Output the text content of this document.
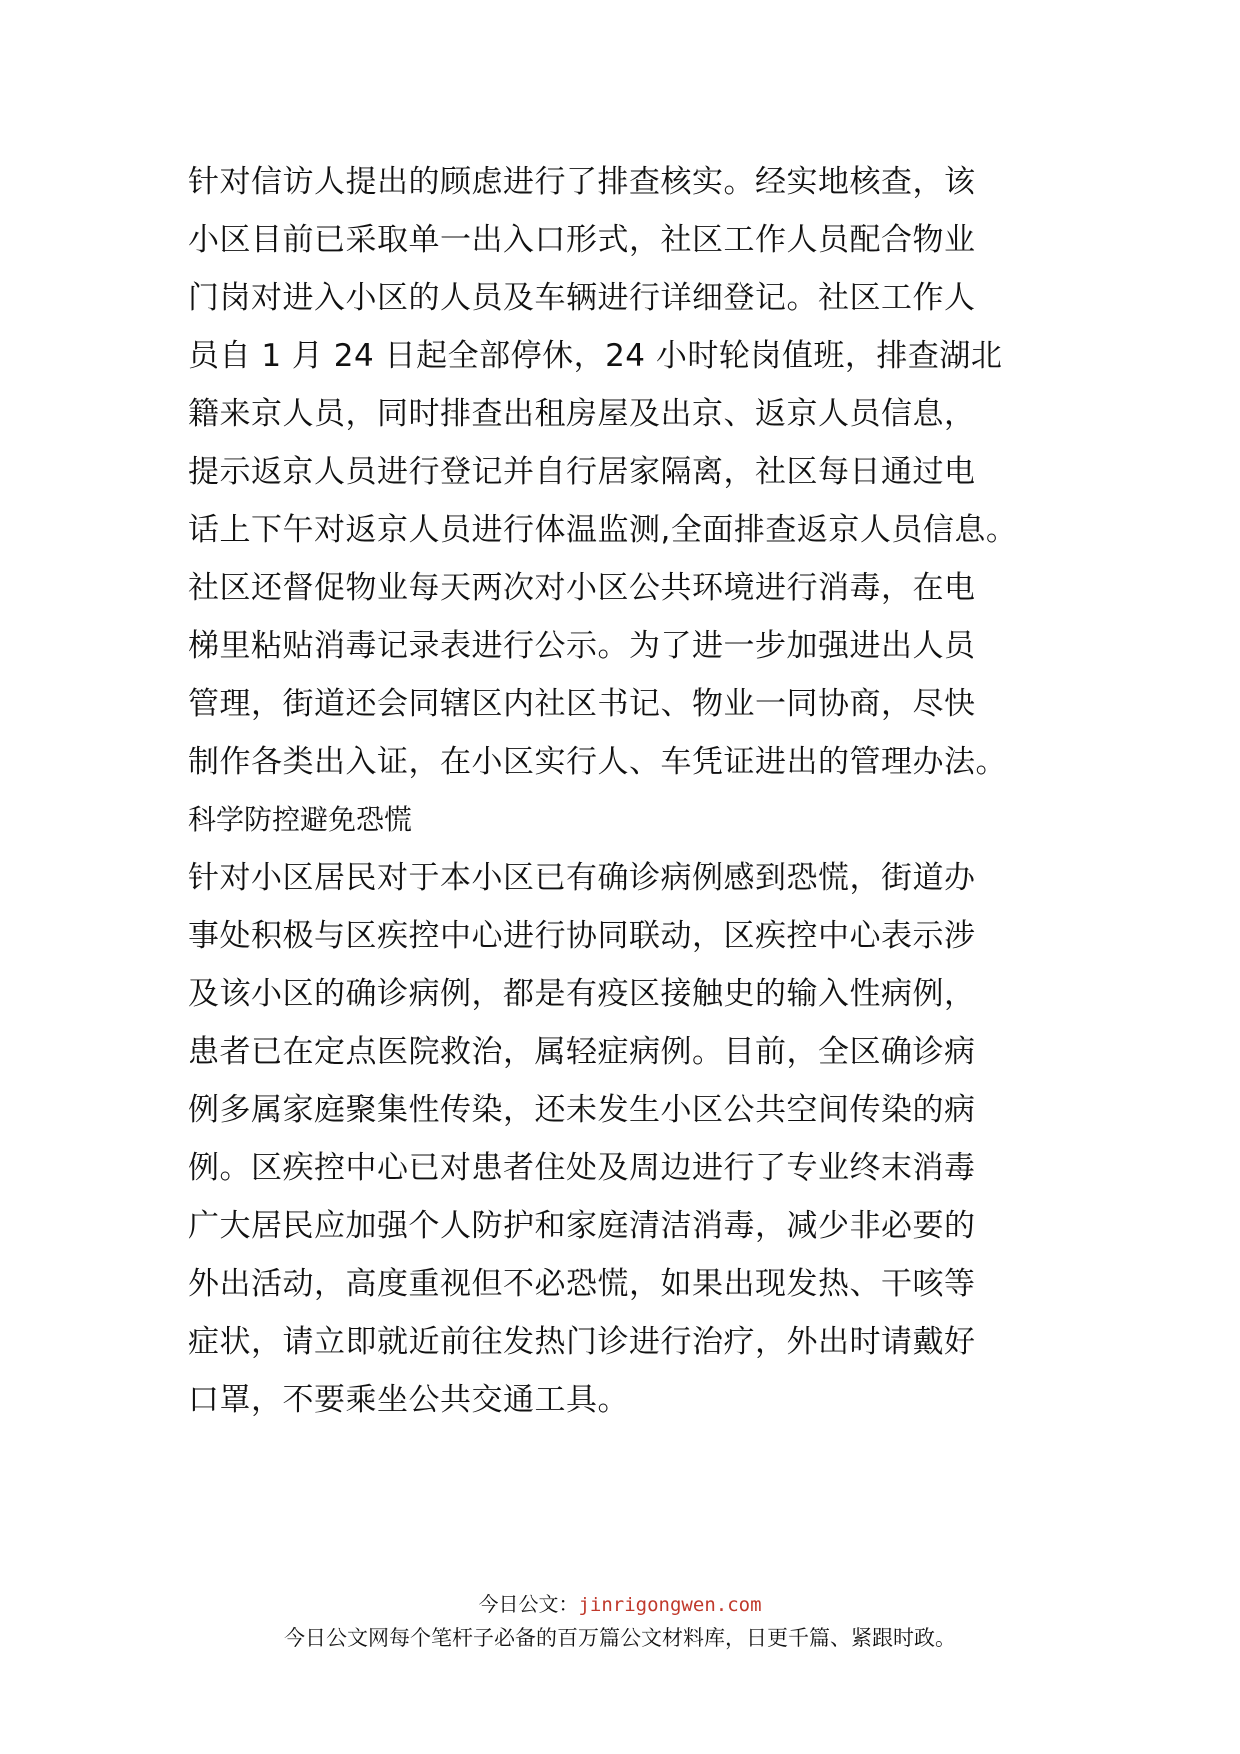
针对信访人提出的顾虑进行了排查核实。经实地核查，该
小区目前已采取单一出入口形式，社区工作人员配合物业
门岗对进入小区的人员及车辆进行详细登记。社区工作人
员自 1 月 24 日起全部停休，24 小时轮岗值班，排查湖北
籍来京人员，同时排查出租房屋及出京、返京人员信息，
提示返京人员进行登记并自行居家隔离，社区每日通过电
话上下午对返京人员进行体温监测,全面排查返京人员信息。
社区还督促物业每天两次对小区公共环境进行消毒，在电
梯里粘贴消毒记录表进行公示。为了进一步加强进出人员
管理，街道还会同辖区内社区书记、物业一同协商，尽快
制作各类出入证，在小区实行人、车凭证进出的管理办法。
科学防控避免恐慌
针对小区居民对于本小区已有确诊病例感到恐慌，街道办
事处积极与区疾控中心进行协同联动，区疾控中心表示涉
及该小区的确诊病例，都是有疫区接触史的输入性病例，
患者已在定点医院救治，属轻症病例。目前，全区确诊病
例多属家庭聚集性传染，还未发生小区公共空间传染的病
例。区疾控中心已对患者住处及周边进行了专业终末消毒
广大居民应加强个人防护和家庭清洁消毒，减少非必要的
外出活动，高度重视但不必恐慌，如果出现发热、干咳等
症状，请立即就近前往发热门诊进行治疗，外出时请戴好
口罩，不要乘坐公共交通工具。
今日公文：jinrigongwen.com
今日公文网每个笔杆子必备的百万篇公文材料库，日更千篇、紧跟时政。
